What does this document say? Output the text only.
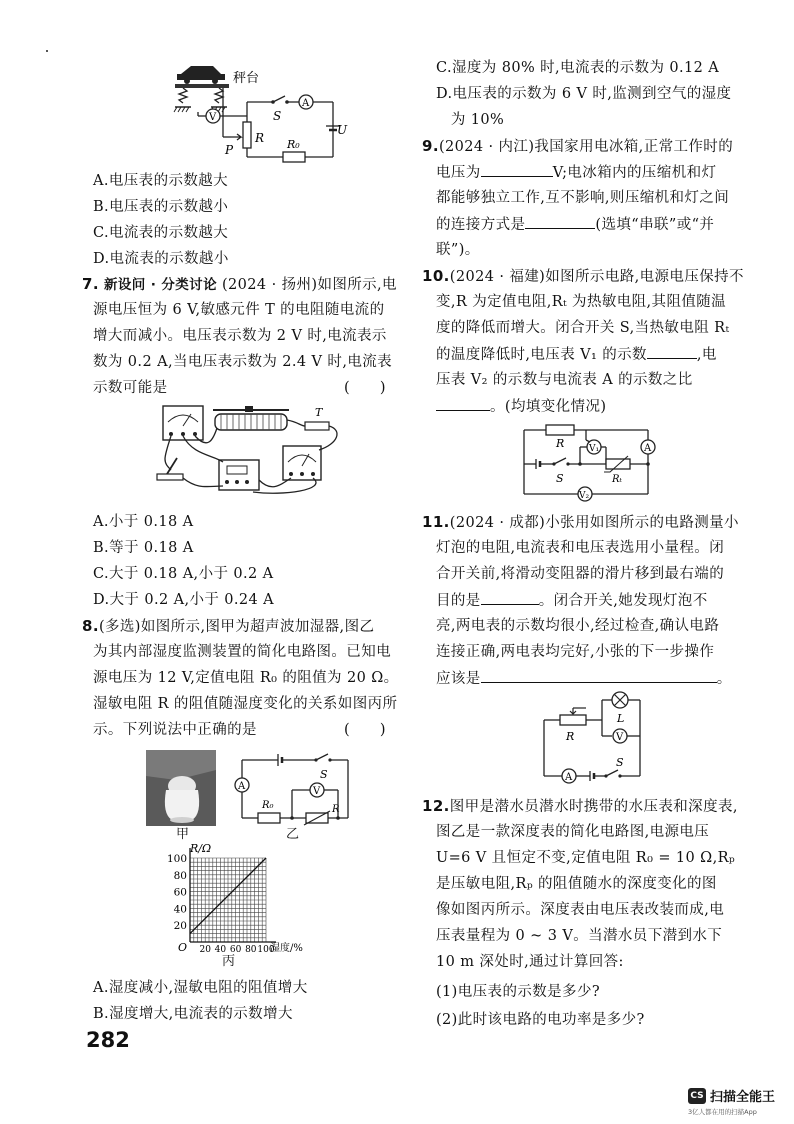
秤台
V	S
A
U
R
P	R₀
A.电压表的示数越大
B.电压表的示数越小
C.电流表的示数越大
D.电流表的示数越小
7. 新设问 · 分类讨论 (2024 · 扬州)如图所示,电
源电压恒为 6 V,敏感元件 T 的电阻随电流的
增大而减小。电压表示数为 2 V 时,电流表示
数为 0.2 A,当电压表示数为 2.4 V 时,电流表
示数可能是	(　　)
T
A.小于 0.18 A
B.等于 0.18 A
C.大于 0.18 A,小于 0.2 A
D.大于 0.2 A,小于 0.24 A
8.(多选)如图所示,图甲为超声波加湿器,图乙
为其内部湿度监测装置的简化电路图。已知电
源电压为 12 V,定值电阻 R₀ 的阻值为 20 Ω。
湿敏电阻 R 的阻值随湿度变化的关系如图丙所
示。下列说法中正确的是	(　　)
甲
S
A
R₀	R
V
乙
R/Ω
湿度/%
O
20
40
60
80
100
20 40 60 80 100
丙
A.湿度减小,湿敏电阻的阻值增大
B.湿度增大,电流表的示数增大
282
C.湿度为 80% 时,电流表的示数为 0.12 A
D.电压表的示数为 6 V 时,监测到空气的湿度
　为 10%
9.(2024 · 内江)我国家用电冰箱,正常工作时的
电压为	V;电冰箱内的压缩机和灯
都能够独立工作,互不影响,则压缩机和灯之间
的连接方式是	(选填“串联”或“并
联”)。
10.(2024 · 福建)如图所示电路,电源电压保持不
变,R 为定值电阻,Rₜ 为热敏电阻,其阻值随温
度的降低而增大。闭合开关 S,当热敏电阻 Rₜ
的温度降低时,电压表 V₁ 的示数	,电
压表 V₂ 的示数与电流表 A 的示数之比
。(均填变化情况)
R	A
V₁
S	Rₜ
V₂
11.(2024 · 成都)小张用如图所示的电路测量小
灯泡的电阻,电流表和电压表选用小量程。闭
合开关前,将滑动变阻器的滑片移到最右端的
目的是	。闭合开关,她发现灯泡不
亮,两电表的示数均很小,经过检查,确认电路
连接正确,两电表均完好,小张的下一步操作
应该是	。
R
L
V
A
S
12.图甲是潜水员潜水时携带的水压表和深度表,
图乙是一款深度表的简化电路图,电源电压
U=6 V 且恒定不变,定值电阻 R₀ = 10 Ω,Rₚ
是压敏电阻,Rₚ 的阻值随水的深度变化的图
像如图丙所示。深度表由电压表改装而成,电
压表量程为 0 ~ 3 V。当潜水员下潜到水下
10 m 深处时,通过计算回答:
(1)电压表的示数是多少?
(2)此时该电路的电功率是多少?
CS 扫描全能王
3亿人都在用的扫描App
